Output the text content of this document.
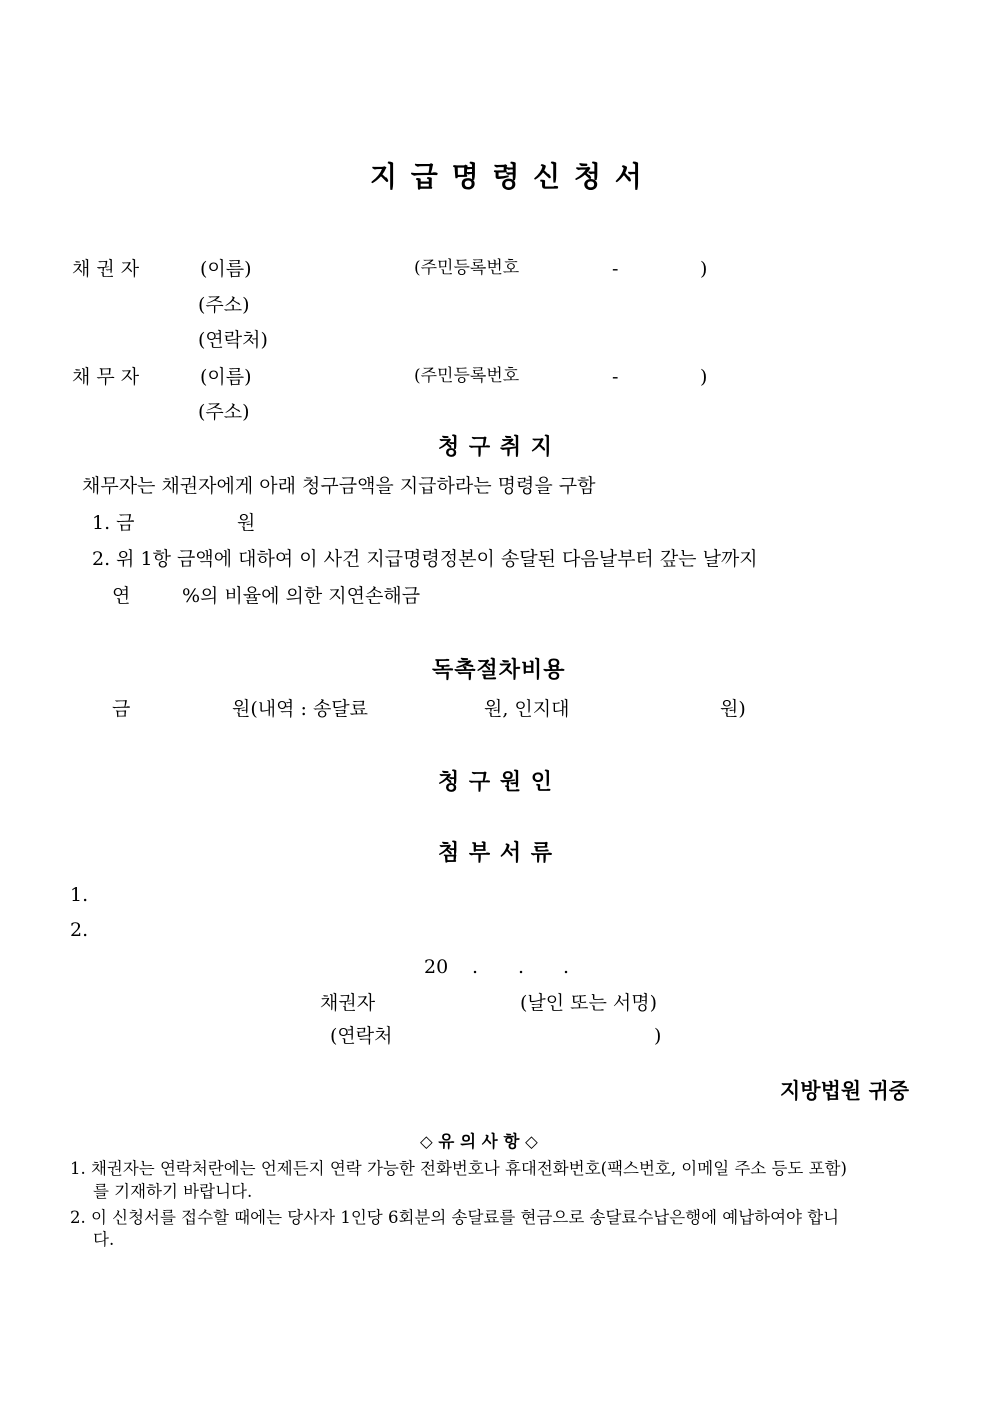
지 급 명 령 신 청 서
채 권 자	(이름)	(주민등록번호	-	)
(주소)
(연락처)
채 무 자	(이름)	(주민등록번호	-	)
(주소)
청 구 취 지
채무자는 채권자에게 아래 청구금액을 지급하라는 명령을 구함
1. 금	원
2. 위 1항 금액에 대하여 이 사건 지급명령정본이 송달된 다음날부터 갚는 날까지
연	%의 비율에 의한 지연손해금
독촉절차비용
금	원(내역 : 송달료	원, 인지대	원)
청 구 원 인
첨 부 서 류
1.
2.
20 . . .
채권자	(날인 또는 서명)
(연락처	)
지방법원 귀중
◇ 유 의 사 항 ◇
1. 채권자는 연락처란에는 언제든지 연락 가능한 전화번호나 휴대전화번호(팩스번호, 이메일 주소 등도 포함)
를 기재하기 바랍니다.
2. 이 신청서를 접수할 때에는 당사자 1인당 6회분의 송달료를 현금으로 송달료수납은행에 예납하여야 합니
다.
